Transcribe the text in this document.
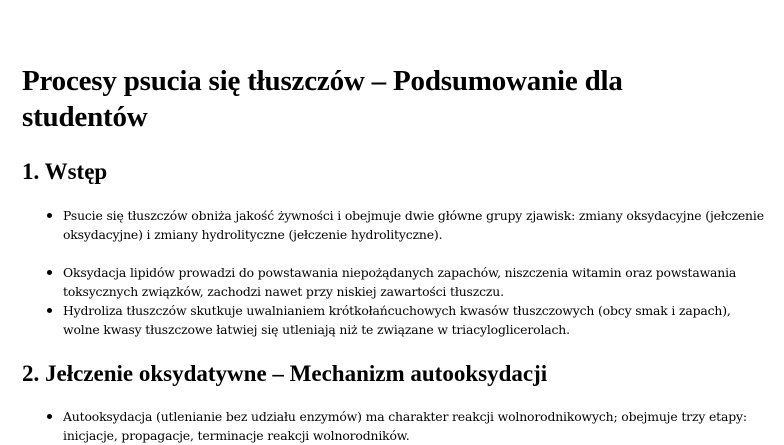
Procesy psucia się tłuszczów – Podsumowanie dla studentów
1. Wstęp
Psucie się tłuszczów obniża jakość żywności i obejmuje dwie główne grupy zjawisk: zmiany oksydacyjne (jełczenie oksydacyjne) i zmiany hydrolityczne (jełczenie hydrolityczne).
Oksydacja lipidów prowadzi do powstawania niepożądanych zapachów, niszczenia witamin oraz powstawania toksycznych związków, zachodzi nawet przy niskiej zawartości tłuszczu.
Hydroliza tłuszczów skutkuje uwalnianiem krótkołańcuchowych kwasów tłuszczowych (obcy smak i zapach), wolne kwasy tłuszczowe łatwiej się utleniają niż te związane w triacyloglicerolach.
2. Jełczenie oksydatywne – Mechanizm autooksydacji
Autooksydacja (utlenianie bez udziału enzymów) ma charakter reakcji wolnorodnikowych; obejmuje trzy etapy: inicjacje, propagacje, terminacje reakcji wolnorodników.
